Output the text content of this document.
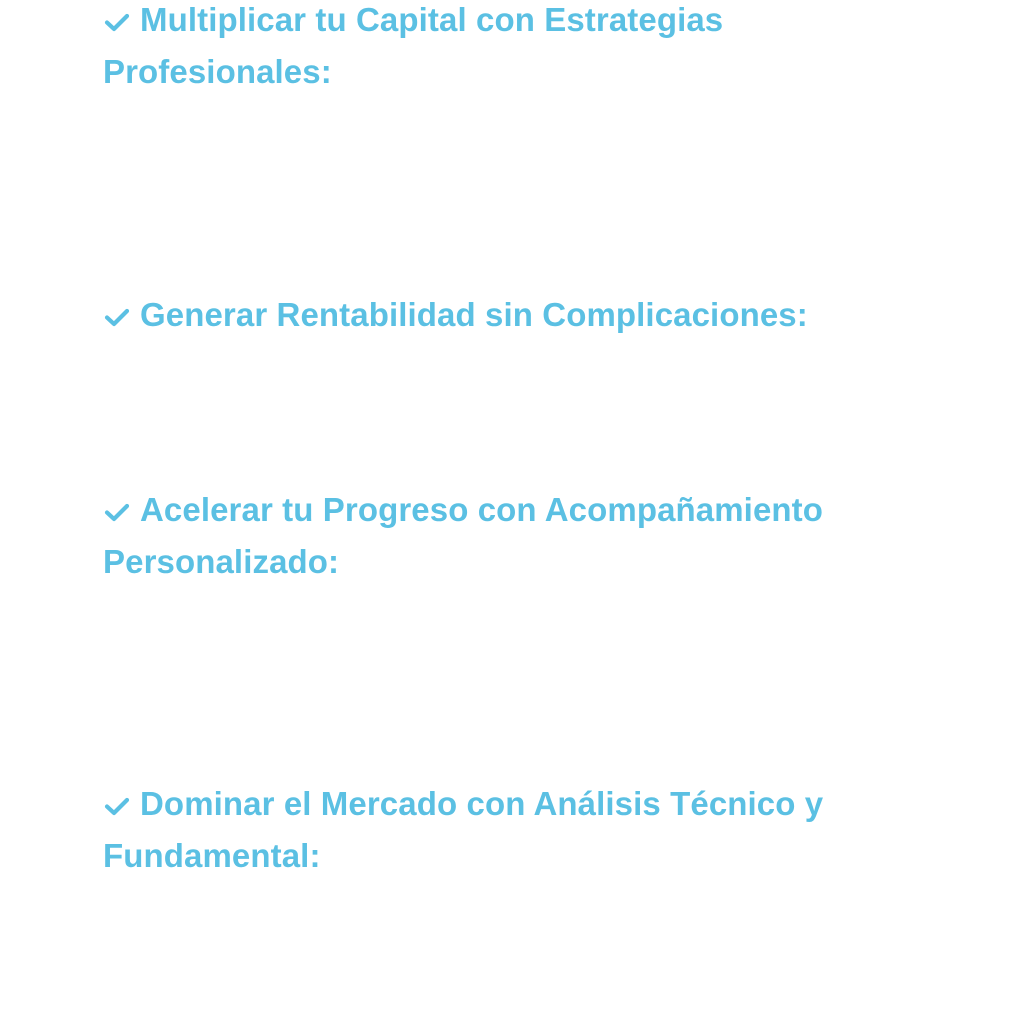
Multiplicar tu Capital con Estrategias Profesionales:
Generar Rentabilidad sin Complicaciones:
Acelerar tu Progreso con Acompañamiento Personalizado:
Dominar el Mercado con Análisis Técnico y Fundamental:
